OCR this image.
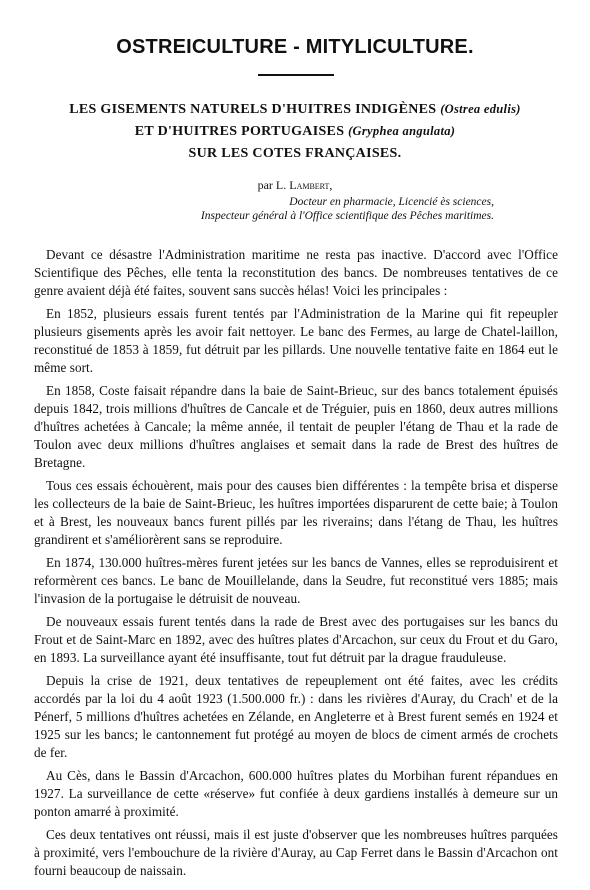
OSTREICULTURE - MITYLICULTURE.
LES GISEMENTS NATURELS D'HUITRES INDIGÈNES (Ostrea edulis)
ET D'HUITRES PORTUGAISES (Gryphea angulata)
SUR LES COTES FRANÇAISES.
par L. Lambert,
Docteur en pharmacie, Licencié ès sciences,
Inspecteur général à l'Office scientifique des Pêches maritimes.

Devant ce désastre l'Administration maritime ne resta pas inactive. D'accord avec l'Office Scientifique des Pêches, elle tenta la reconstitution des bancs. De nombreuses tentatives de ce genre avaient déjà été faites, souvent sans succès hélas! Voici les principales :

En 1852, plusieurs essais furent tentés par l'Administration de la Marine qui fit repeupler plusieurs gisements après les avoir fait nettoyer. Le banc des Fermes, au large de Chatel-laillon, reconstitué de 1853 à 1859, fut détruit par les pillards. Une nouvelle tentative faite en 1864 eut le même sort.

En 1858, Coste faisait répandre dans la baie de Saint-Brieuc, sur des bancs totalement épuisés depuis 1842, trois millions d'huîtres de Cancale et de Tréguier, puis en 1860, deux autres millions d'huîtres achetées à Cancale; la même année, il tentait de peupler l'étang de Thau et la rade de Toulon avec deux millions d'huîtres anglaises et semait dans la rade de Brest des huîtres de Bretagne.

Tous ces essais échouèrent, mais pour des causes bien différentes : la tempête brisa et disperse les collecteurs de la baie de Saint-Brieuc, les huîtres importées disparurent de cette baie; à Toulon et à Brest, les nouveaux bancs furent pillés par les riverains; dans l'étang de Thau, les huîtres grandirent et s'améliorèrent sans se reproduire.

En 1874, 130.000 huîtres-mères furent jetées sur les bancs de Vannes, elles se reproduisirent et reformèrent ces bancs. Le banc de Mouillelande, dans la Seudre, fut reconstitué vers 1885; mais l'invasion de la portugaise le détruisit de nouveau.

De nouveaux essais furent tentés dans la rade de Brest avec des portugaises sur les bancs du Frout et de Saint-Marc en 1892, avec des huîtres plates d'Arcachon, sur ceux du Frout et du Garo, en 1893. La surveillance ayant été insuffisante, tout fut détruit par la drague frauduleuse.

Depuis la crise de 1921, deux tentatives de repeuplement ont été faites, avec les crédits accordés par la loi du 4 août 1923 (1.500.000 fr.) : dans les rivières d'Auray, du Crach' et de la Pénerf, 5 millions d'huîtres achetées en Zélande, en Angleterre et à Brest furent semés en 1924 et 1925 sur les bancs; le cantonnement fut protégé au moyen de blocs de ciment armés de crochets de fer.

Au Cès, dans le Bassin d'Arcachon, 600.000 huîtres plates du Morbihan furent répandues en 1927. La surveillance de cette «réserve» fut confiée à deux gardiens installés à demeure sur un ponton amarré à proximité.

Ces deux tentatives ont réussi, mais il est juste d'observer que les nombreuses huîtres parquées à proximité, vers l'embouchure de la rivière d'Auray, au Cap Ferret dans le Bassin d'Arcachon ont fourni beaucoup de naissain.
